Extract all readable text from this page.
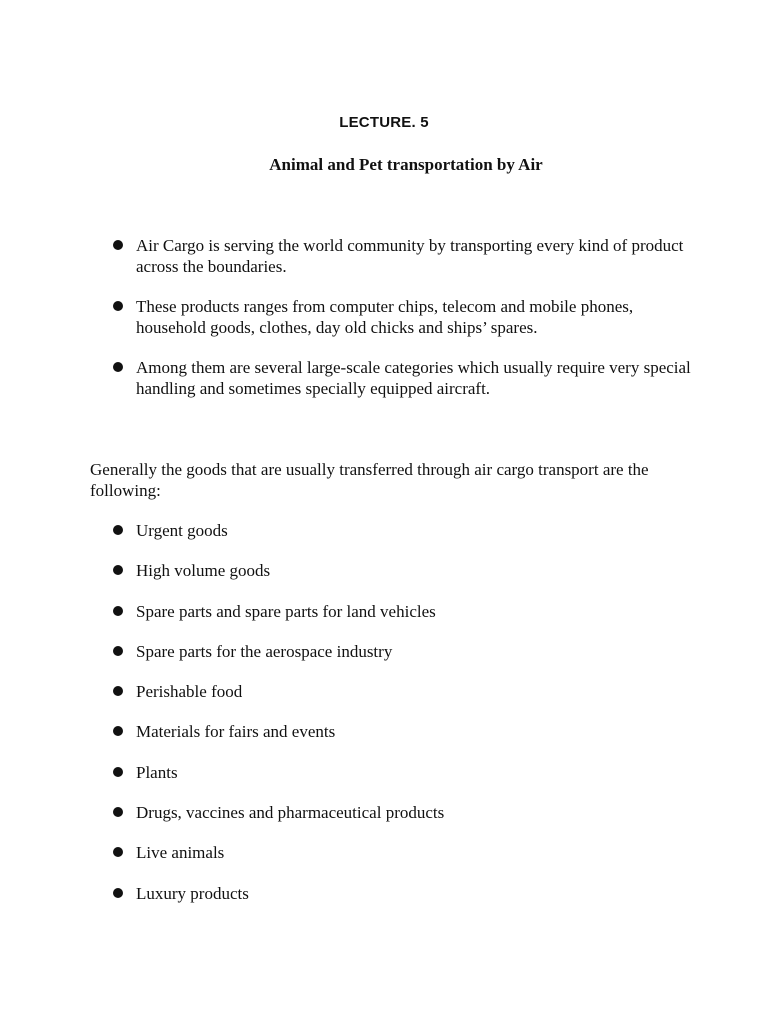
LECTURE. 5
Animal and Pet transportation by Air
Air Cargo is serving the world community by transporting every kind of product across the boundaries.
These products ranges from computer chips, telecom and mobile phones, household goods, clothes, day old chicks and ships’ spares.
Among them are several large-scale categories which usually require very special handling and sometimes specially equipped aircraft.

Generally the goods that are usually transferred through air cargo transport are the following:

Urgent goods
High volume goods
Spare parts and spare parts for land vehicles
Spare parts for the aerospace industry
Perishable food
Materials for fairs and events
Plants
Drugs, vaccines and pharmaceutical products
Live animals
Luxury products
